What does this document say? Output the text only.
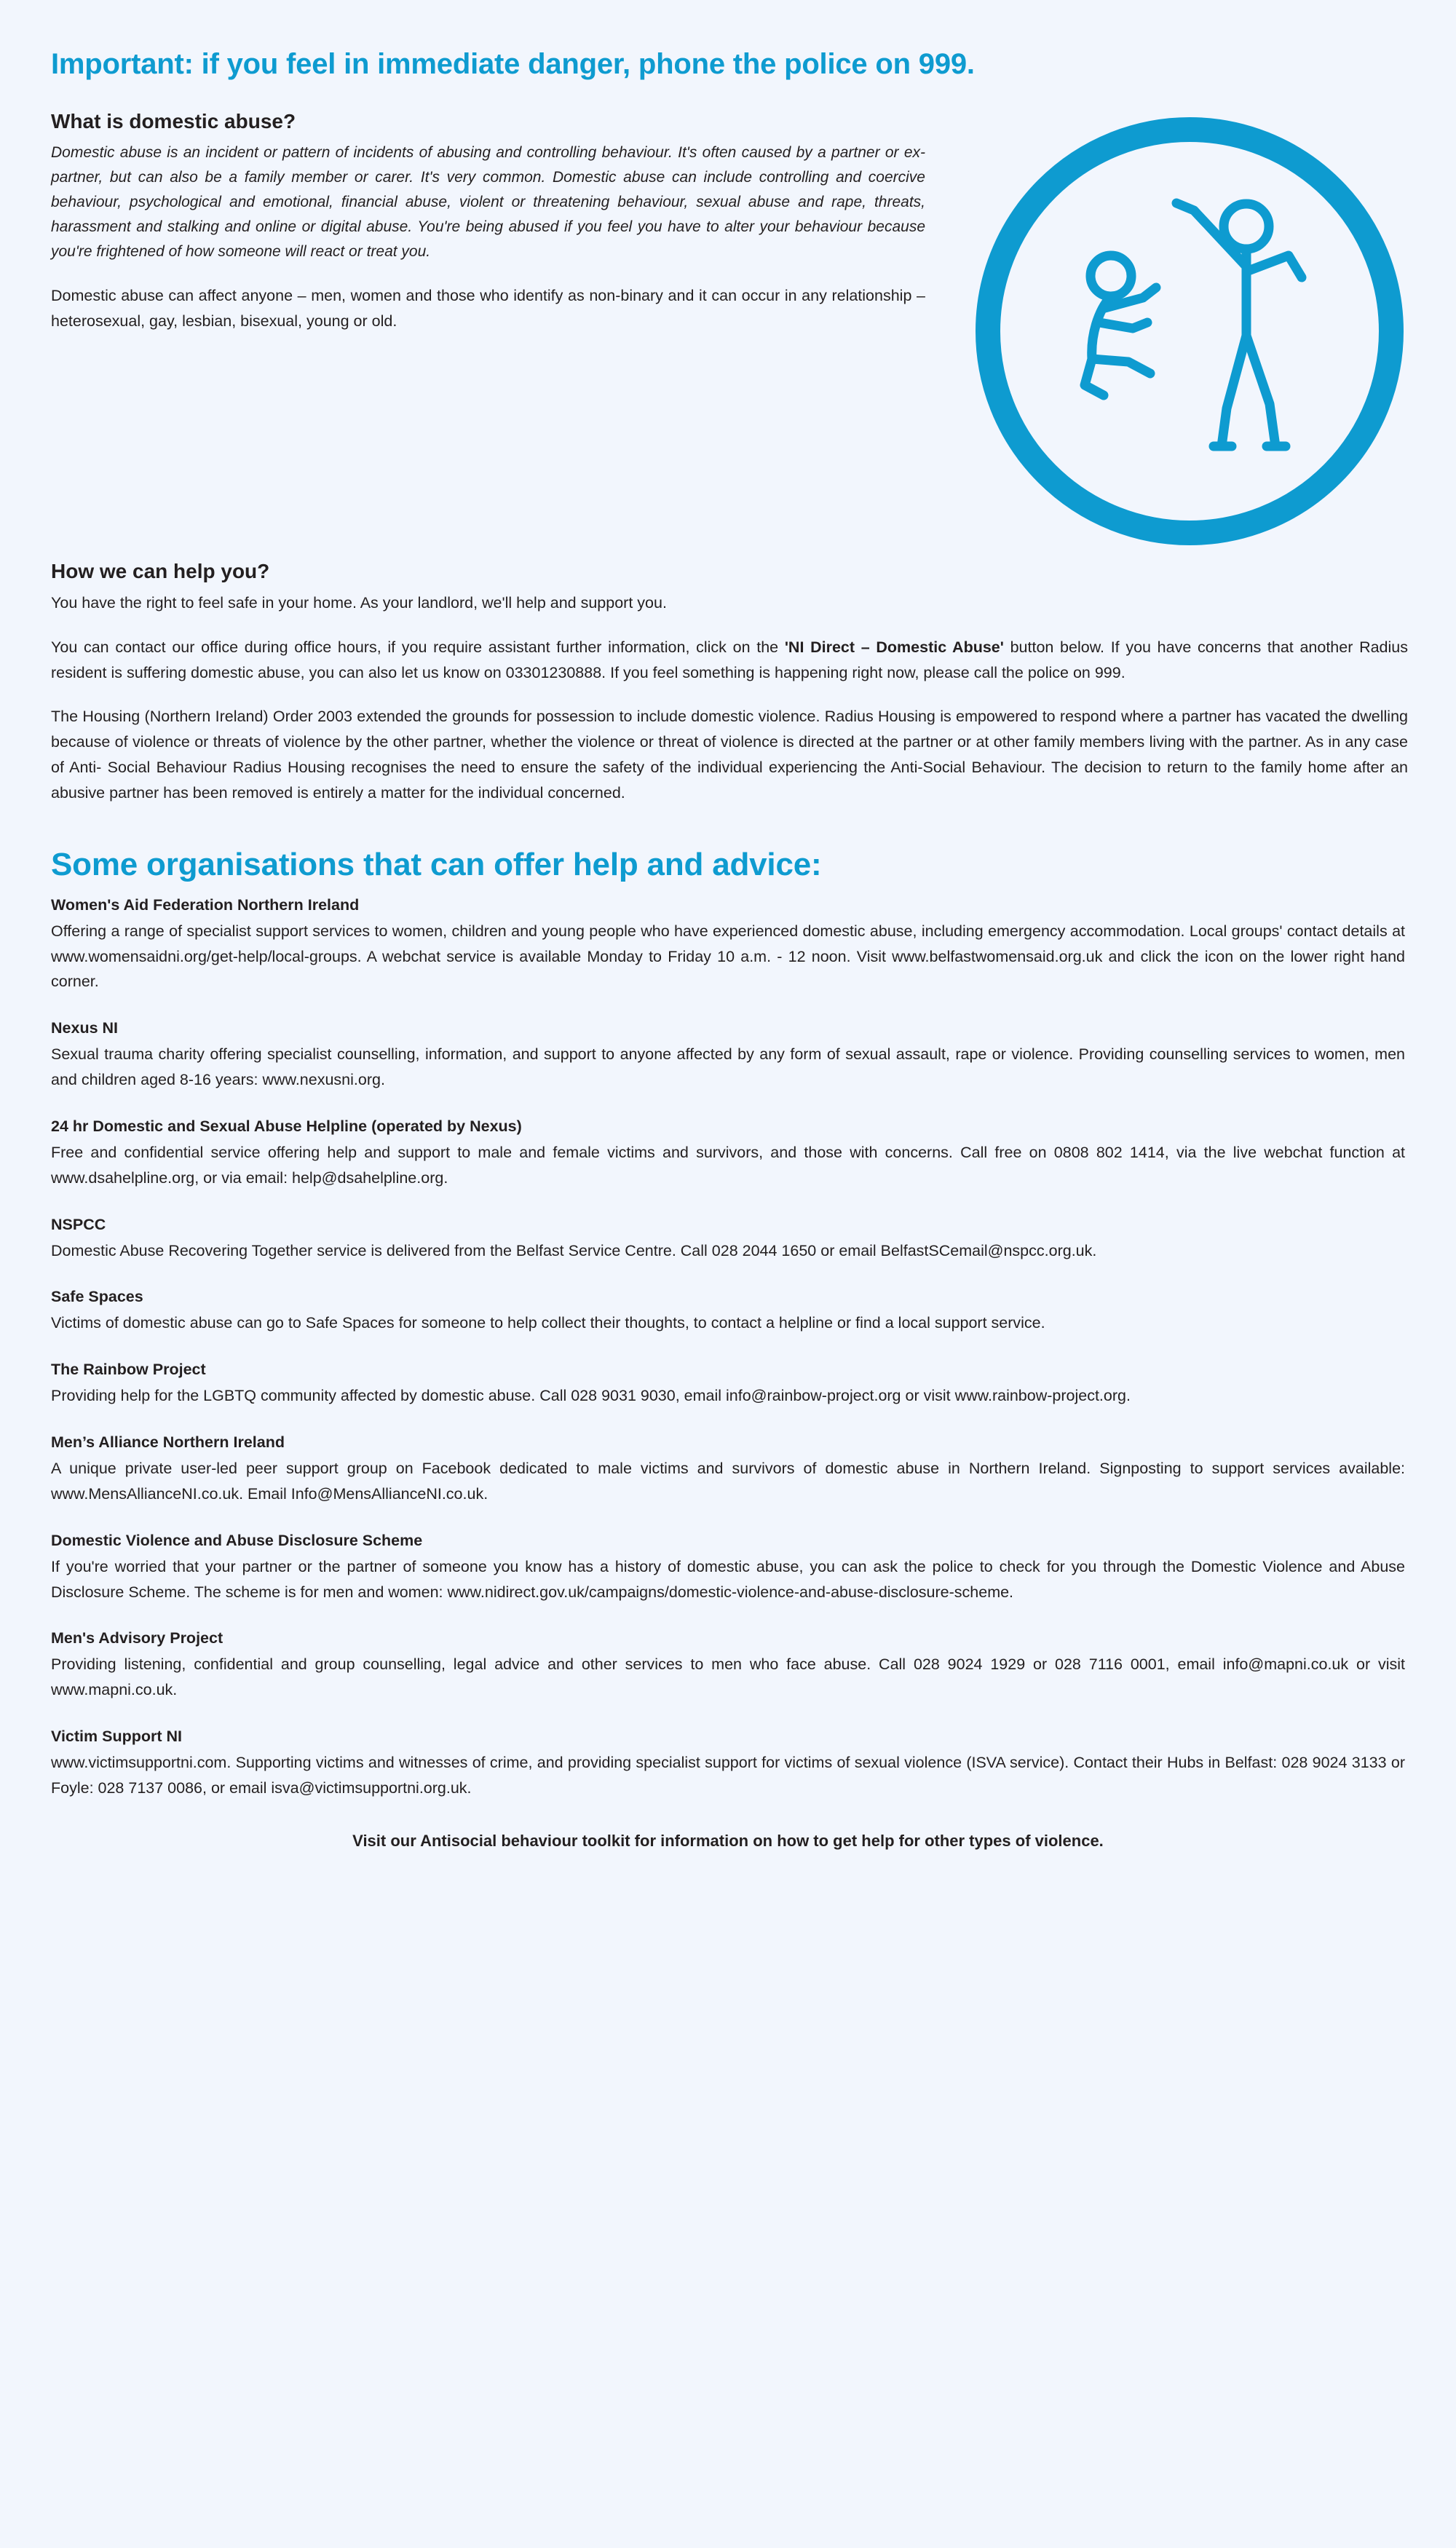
Important: if you feel in immediate danger, phone the police on 999.
What is domestic abuse?

Domestic abuse is an incident or pattern of incidents of abusing and controlling behaviour. It's often caused by a partner or ex-partner, but can also be a family member or carer. It's very common. Domestic abuse can include controlling and coercive behaviour, psychological and emotional, financial abuse, violent or threatening behaviour, sexual abuse and rape, threats, harassment and stalking and online or digital abuse. You're being abused if you feel you have to alter your behaviour because you're frightened of how someone will react or treat you.

Domestic abuse can affect anyone – men, women and those who identify as non-binary and it can occur in any relationship – heterosexual, gay, lesbian, bisexual, young or old.

How we can help you?

You have the right to feel safe in your home. As your landlord, we'll help and support you.

You can contact our office during office hours, if you require assistant further information, click on the 'NI Direct – Domestic Abuse' button below. If you have concerns that another Radius resident is suffering domestic abuse, you can also let us know on 03301230888. If you feel something is happening right now, please call the police on 999.

The Housing (Northern Ireland) Order 2003 extended the grounds for possession to include domestic violence. Radius Housing is empowered to respond where a partner has vacated the dwelling because of violence or threats of violence by the other partner, whether the violence or threat of violence is directed at the partner or at other family members living with the partner. As in any case of Anti- Social Behaviour Radius Housing recognises the need to ensure the safety of the individual experiencing the Anti-Social Behaviour. The decision to return to the family home after an abusive partner has been removed is entirely a matter for the individual concerned.

Some organisations that can offer help and advice:
Women's Aid Federation Northern Ireland
Offering a range of specialist support services to women, children and young people who have experienced domestic abuse, including emergency accommodation. Local groups' contact details at www.womensaidni.org/get-help/local-groups. A webchat service is available Monday to Friday 10 a.m. - 12 noon. Visit www.belfastwomensaid.org.uk and click the icon on the lower right hand corner.
Nexus NI
Sexual trauma charity offering specialist counselling, information, and support to anyone affected by any form of sexual assault, rape or violence. Providing counselling services to women, men and children aged 8-16 years: www.nexusni.org.
24 hr Domestic and Sexual Abuse Helpline (operated by Nexus)
Free and confidential service offering help and support to male and female victims and survivors, and those with concerns. Call free on 0808 802 1414, via the live webchat function at www.dsahelpline.org, or via email: help@dsahelpline.org.
NSPCC
Domestic Abuse Recovering Together service is delivered from the Belfast Service Centre. Call 028 2044 1650 or email BelfastSCemail@nspcc.org.uk.
Safe Spaces
Victims of domestic abuse can go to Safe Spaces for someone to help collect their thoughts, to contact a helpline or find a local support service.
The Rainbow Project
Providing help for the LGBTQ community affected by domestic abuse. Call 028 9031 9030, email info@rainbow-project.org or visit www.rainbow-project.org.
Men’s Alliance Northern Ireland
A unique private user-led peer support group on Facebook dedicated to male victims and survivors of domestic abuse in Northern Ireland. Signposting to support services available: www.MensAllianceNI.co.uk. Email Info@MensAllianceNI.co.uk.
Domestic Violence and Abuse Disclosure Scheme
If you're worried that your partner or the partner of someone you know has a history of domestic abuse, you can ask the police to check for you through the Domestic Violence and Abuse Disclosure Scheme. The scheme is for men and women: www.nidirect.gov.uk/campaigns/domestic-violence-and-abuse-disclosure-scheme.
Men's Advisory Project
Providing listening, confidential and group counselling, legal advice and other services to men who face abuse. Call 028 9024 1929 or 028 7116 0001, email info@mapni.co.uk or visit www.mapni.co.uk.
Victim Support NI
www.victimsupportni.com. Supporting victims and witnesses of crime, and providing specialist support for victims of sexual violence (ISVA service). Contact their Hubs in Belfast: 028 9024 3133 or Foyle: 028 7137 0086, or email isva@victimsupportni.org.uk.
Visit our Antisocial behaviour toolkit for information on how to get help for other types of violence.
